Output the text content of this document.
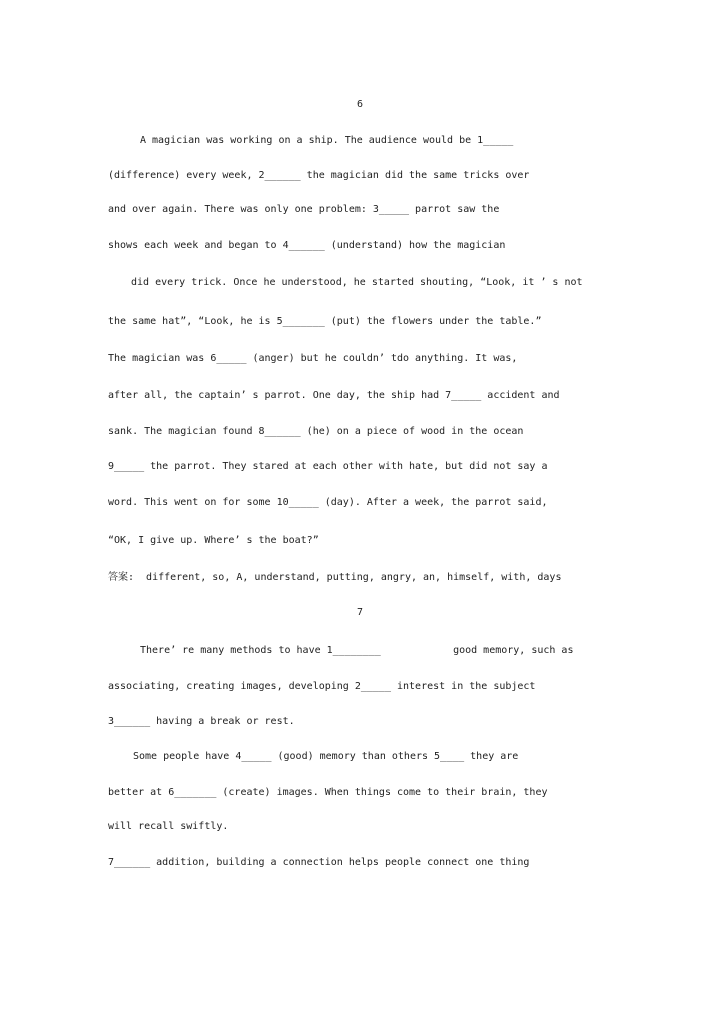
6
A magician was working on a ship. The audience would be 1_____
(difference) every week, 2______ the magician did the same tricks over
and over again. There was only one problem: 3_____ parrot saw the
shows each week and began to 4______ (understand) how the magician
did every trick. Once he understood, he started shouting, “Look, it ’ s not
the same hat”, “Look, he is 5_______ (put) the flowers under the table.”
The magician was 6_____ (anger) but he couldn’ tdo anything. It was,
after all, the captain’ s parrot. One day, the ship had 7_____ accident and
sank. The magician found 8______ (he) on a piece of wood in the ocean
9_____ the parrot. They stared at each other with hate, but did not say a
word. This went on for some 10_____ (day). After a week, the parrot said,
“OK, I give up. Where’ s the boat?”
答案:  different, so, A, understand, putting, angry, an, himself, with, days
7
There’ re many methods to have 1________            good memory, such as
associating, creating images, developing 2_____ interest in the subject
3______ having a break or rest.
Some people have 4_____ (good) memory than others 5____ they are
better at 6_______ (create) images. When things come to their brain, they
will recall swiftly.
7______ addition, building a connection helps people connect one thing
